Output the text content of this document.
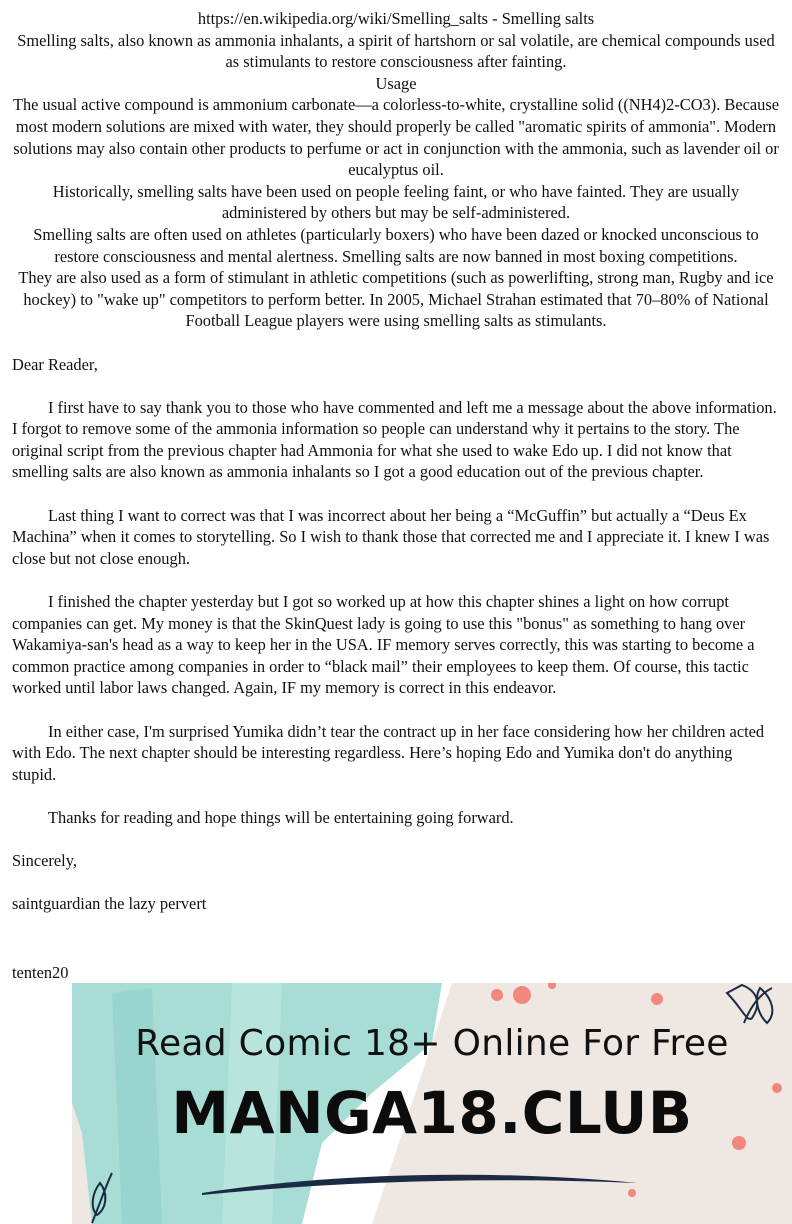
https://en.wikipedia.org/wiki/Smelling_salts - Smelling salts

Smelling salts, also known as ammonia inhalants, a spirit of hartshorn or sal volatile, are chemical compounds used as stimulants to restore consciousness after fainting.

Usage

The usual active compound is ammonium carbonate—a colorless-to-white, crystalline solid ((NH4)2-CO3). Because most modern solutions are mixed with water, they should properly be called "aromatic spirits of ammonia". Modern solutions may also contain other products to perfume or act in conjunction with the ammonia, such as lavender oil or eucalyptus oil.

Historically, smelling salts have been used on people feeling faint, or who have fainted. They are usually administered by others but may be self-administered.

Smelling salts are often used on athletes (particularly boxers) who have been dazed or knocked unconscious to restore consciousness and mental alertness. Smelling salts are now banned in most boxing competitions.

They are also used as a form of stimulant in athletic competitions (such as powerlifting, strong man, Rugby and ice hockey) to "wake up" competitors to perform better. In 2005, Michael Strahan estimated that 70–80% of National Football League players were using smelling salts as stimulants.

Dear Reader,

I first have to say thank you to those who have commented and left me a message about the above information. I forgot to remove some of the ammonia information so people can understand why it pertains to the story. The original script from the previous chapter had Ammonia for what she used to wake Edo up. I did not know that smelling salts are also known as ammonia inhalants so I got a good education out of the previous chapter.

Last thing I want to correct was that I was incorrect about her being a “McGuffin” but actually a “Deus Ex Machina” when it comes to storytelling. So I wish to thank those that corrected me and I appreciate it. I knew I was close but not close enough.

I finished the chapter yesterday but I got so worked up at how this chapter shines a light on how corrupt companies can get. My money is that the SkinQuest lady is going to use this "bonus" as something to hang over Wakamiya-san's head as a way to keep her in the USA. IF memory serves correctly, this was starting to become a common practice among companies in order to “black mail” their employees to keep them. Of course, this tactic worked until labor laws changed. Again, IF my memory is correct in this endeavor.

In either case, I'm surprised Yumika didn’t tear the contract up in her face considering how her children acted with Edo. The next chapter should be interesting regardless. Here’s hoping Edo and Yumika don't do anything stupid.

Thanks for reading and hope things will be entertaining going forward.

Sincerely,

saintguardian the lazy pervert

tenten20
Read Comic 18+ Online For Free
MANGA18.CLUB
